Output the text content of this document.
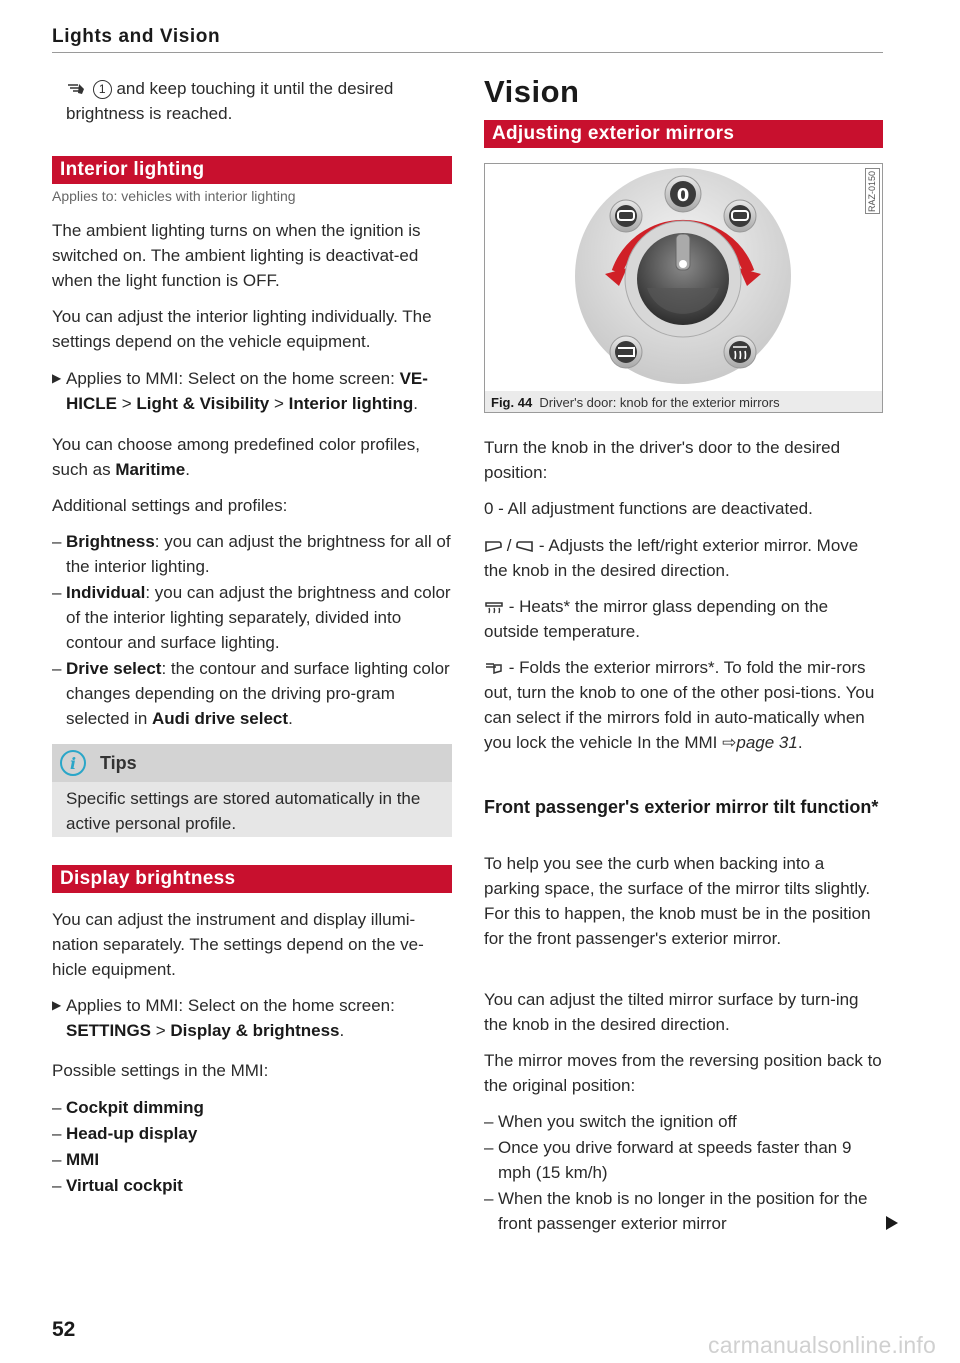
Lights and Vision
1 and keep touching it until the desired brightness is reached.
Interior lighting
Applies to: vehicles with interior lighting
The ambient lighting turns on when the ignition is switched on. The ambient lighting is deactivat-ed when the light function is OFF.
You can adjust the interior lighting individually. The settings depend on the vehicle equipment.
▶ Applies to MMI: Select on the home screen: VE-HICLE > Light & Visibility > Interior lighting.
You can choose among predefined color profiles, such as Maritime.
Additional settings and profiles:
– Brightness: you can adjust the brightness for all of the interior lighting.
– Individual: you can adjust the brightness and color of the interior lighting separately, divided into contour and surface lighting.
– Drive select: the contour and surface lighting color changes depending on the driving pro-gram selected in Audi drive select.
i	Tips
Specific settings are stored automatically in the active personal profile.
Display brightness
You can adjust the instrument and display illumi-nation separately. The settings depend on the ve-hicle equipment.
▶ Applies to MMI: Select on the home screen: SETTINGS > Display & brightness.
Possible settings in the MMI:
– Cockpit dimming
– Head-up display
– MMI
– Virtual cockpit
52
Vision
Adjusting exterior mirrors
RAZ-0150
0
Fig. 44 Driver's door: knob for the exterior mirrors
Turn the knob in the driver's door to the desired position:
0 - All adjustment functions are deactivated.
/  - Adjusts the left/right exterior mirror. Move the knob in the desired direction.
- Heats* the mirror glass depending on the outside temperature.
- Folds the exterior mirrors*. To fold the mir-rors out, turn the knob to one of the other posi-tions. You can select if the mirrors fold in auto-matically when you lock the vehicle In the MMI ⇨page 31.
Front passenger's exterior mirror tilt function*
To help you see the curb when backing into a parking space, the surface of the mirror tilts slightly. For this to happen, the knob must be in the position for the front passenger's exterior mirror.
You can adjust the tilted mirror surface by turn-ing the knob in the desired direction.
The mirror moves from the reversing position back to the original position:
– When you switch the ignition off
– Once you drive forward at speeds faster than 9 mph (15 km/h)
– When the knob is no longer in the position for the front passenger exterior mirror
carmanualsonline.info
